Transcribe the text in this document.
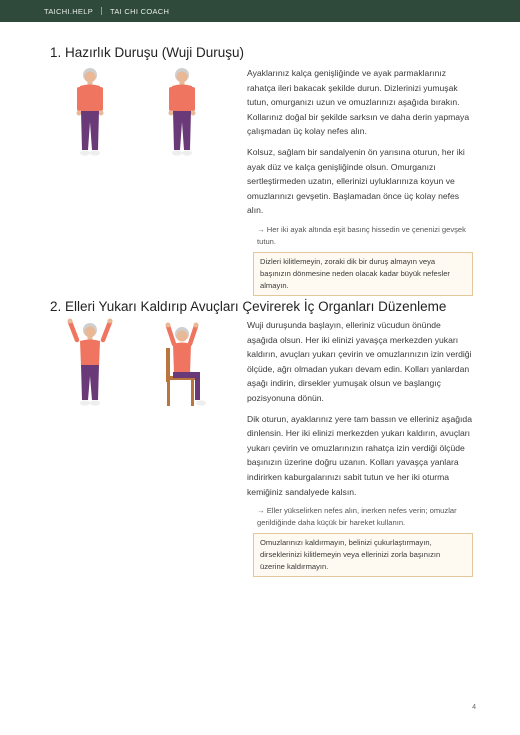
TAICHI.HELP TAI CHI COACH
1. Hazırlık Duruşu (Wuji Duruşu)

Ayaklarınız kalça genişliğinde ve ayak parmaklarınız rahatça ileri bakacak şekilde durun. Dizlerinizi yumuşak tutun, omurganızı uzun ve omuzlarınızı aşağıda bırakın. Kollarınız doğal bir şekilde sarksın ve daha derin yapmaya çalışmadan üç kolay nefes alın.

Kolsuz, sağlam bir sandalyenin ön yarısına oturun, her iki ayak düz ve kalça genişliğinde olsun. Omurganızı sertleştirmeden uzatın, ellerinizi uyluklarınıza koyun ve omuzlarınızı gevşetin. Başlamadan önce üç kolay nefes alın.

→ Her iki ayak altında eşit basınç hissedin ve çenenizi gevşek tutun.
Dizleri kilitlemeyin, zoraki dik bir duruş almayın veya başınızın dönmesine neden olacak kadar büyük nefesler almayın.
2. Elleri Yukarı Kaldırıp Avuçları Çevirerek İç Organları Düzenleme

Wuji duruşunda başlayın, elleriniz vücudun önünde aşağıda olsun. Her iki elinizi yavaşça merkezden yukarı kaldırın, avuçları yukarı çevirin ve omuzlarınızın izin verdiği ölçüde, ağrı olmadan yukarı devam edin. Kolları yanlardan aşağı indirin, dirsekler yumuşak olsun ve başlangıç pozisyonuna dönün.

Dik oturun, ayaklarınız yere tam bassın ve elleriniz aşağıda dinlensin. Her iki elinizi merkezden yukarı kaldırın, avuçları yukarı çevirin ve omuzlarınızın rahatça izin verdiği ölçüde başınızın üzerine doğru uzanın. Kolları yavaşça yanlara indirirken kaburgalarınızı sabit tutun ve her iki oturma kemiğiniz sandalyede kalsın.

→ Eller yükselirken nefes alın, inerken nefes verin; omuzlar gerildiğinde daha küçük bir hareket kullanın.
Omuzlarınızı kaldırmayın, belinizi çukurlaştırmayın, dirseklerinizi kilitlemeyin veya ellerinizi zorla başınızın üzerine kaldırmayın.
4
